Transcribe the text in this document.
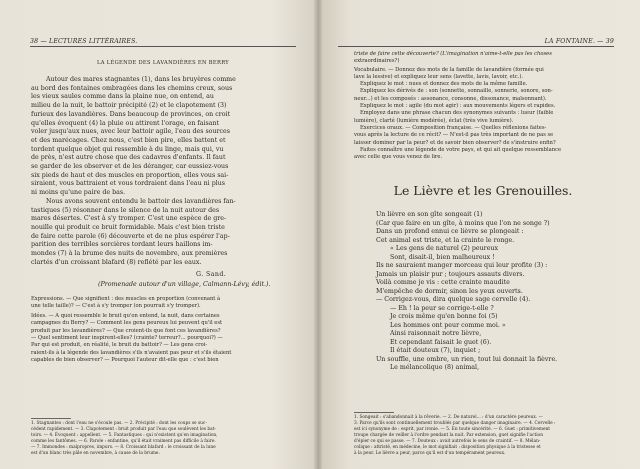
38 — LECTURES LITTÉRAIRES.
LA LÉGENDE DES LAVANDIÈRES EN BERRY
Autour des mares stagnantes (1), dans les bruyères comme
au bord des fontaines ombragées dans les chemins creux, sous
les vieux saules comme dans la plaine nue, on entend, au
milieu de la nuit, le battoir précipité (2) et le clapotement (3)
furieux des lavandières. Dans beaucoup de provinces, on croit
qu'elles évoquent (4) la pluie ou attirent l'orage, en faisant
voler jusqu'aux nues, avec leur battoir agile, l'eau des sources
et des marécages. Chez nous, c'est bien pire, elles battent et
tordent quelque objet qui ressemble à du linge, mais qui, vu
de près, n'est autre chose que des cadavres d'enfants. Il faut
se garder de les observer et de les déranger, car eussiez-vous
six pieds de haut et des muscles en proportion, elles vous sai-
siraient, vous battraient et vous tordraient dans l'eau ni plus
ni moins qu'une paire de bas.
Nous avons souvent entendu le battoir des lavandières fan-
tastiques (5) résonner dans le silence de la nuit autour des
mares désertes. C'est à s'y tromper. C'est une espèce de gre-
nouille qui produit ce bruit formidable. Mais c'est bien triste
de faire cette parole (6) découverte et de ne plus espérer l'ap-
parition des terribles sorcières tordant leurs haillons im-
mondes (7) à la brume des nuits de novembre, aux premières
clartés d'un croissant blafard (8) reflété par les eaux.
G. Sand.
(Promenade autour d'un village, Calmann-Lévy, édit.).
Expressions. — Que signifient : des muscles en proportion (convenant à
une telle taille)? — C'est à s'y tromper (on pourrait s'y tromper).
Idées. — A quoi ressemble le bruit qu'on entend, la nuit, dans certaines
campagnes du Berry? — Comment les gens peureux lui peuvent qu'il est
produit par les lavandières? — Que croient-ils que font ces lavandières?
— Quel sentiment leur inspirent-elles? (crainte? terreur?... pourquoi?) —
Par qui est produit, en réalité, le bruit du battoir? — Les gens croi-
raient-ils à la légende des lavandières s'ils n'avaient pas peur et s'ils étaient
capables de bien observer? — Pourquoi l'auteur dit-elle que : c'est bien
1. Stagnantes : dont l'eau ne s'écoule pas. — 2. Précipité : dont les coups se suc-
cèdent rapidement. — 3. Clapotement : bruit produit par l'eau que soulèvent les bat-
toirs. — 4. Évoquent : appellent. — 5. Fantastiques : qui n'existent qu'en imagination,
comme les fantômes. — 6. Parole : enfantine, qu'il était vraiment pas difficile à faire.
— 7. Immondes : malpropres, impurs. — 8. Croissant blafard : le croissant de la lune
est d'un blanc très pâle en novembre, à cause de la brume.
LA FONTAINE. — 39
triste de faire cette découverte? (L'imagination n'aime-t-elle pas les choses
extraordinaires?)
Vocabulaire. — Donnez des mots de la famille de lavandière (formée qui
lave la lessive) et expliquez leur sens (lavette, lavis, lavoir, etc.).
Expliquez le mot : nues et donnez des mots de la même famille.
Expliquez les dérivés de : son (sonnette, sonnaille, sonnerie, sonore, son-
neur...) et les composés : assonance, consonne, dissonance, malsonnant).
Expliquez le mot : agile (du mot agir) : aux mouvements légers et rapides.
Employez dans une phrase chacun des synonymes suivants : lueur (faible
lumière), clarté (lumière modérée), éclat (très vive lumière).
Exercices oraux. — Composition française. — Quelles réflexions faites-
vous après la lecture de ce récit? — N'est-il pas très important de ne pas se
laisser dominer par la peur? et de savoir bien observer? de s'instruire enfin?
Faites connaître une légende de votre pays, et qui ait quelque ressemblance
avec celle que vous venez de lire.
Le Lièvre et les Grenouilles.
Un lièvre en son gîte songeait (1)
(Car que faire en un gîte, à moins que l'on ne songe ?)
Dans un profond ennui ce lièvre se plongeait :
Cet animal est triste, et la crainte le ronge.
« Les gens de naturel (2) peureux
Sont, disait-il, bien malheureux !
Ils ne sauraient manger morceau qui leur profite (3) :
Jamais un plaisir pur ; toujours assauts divers.
Voilà comme je vis : cette crainte maudite
M'empêche de dormir, sinon les yeux ouverts.
— Corrigez-vous, dira quelque sage cervelle (4).
— Eh ! la peur se corrige-t-elle ?
Je crois même qu'en bonne foi (5)
Les hommes ont peur comme moi. »
Ainsi raisonnait notre lièvre,
Et cependant faisait le guet (6).
Il était douteux (7), inquiet ;
Un souffle, une ombre, un rien, tout lui donnait la fièvre.
Le mélancolique (8) animal,
1. Songeait : s'abandonnait à la rêverie. — 2. De naturel... : d'un caractère peureux. —
3. Parce qu'ils sont continuellement troublés par quelque danger imaginaire. — 4. Cervelle :
est ici synonyme de : esprit, par ironie. — 5. En toute sincérité. — 6. Guet : primitivement
troupe chargée de veiller à l'ordre pendant la nuit. Par extension, guet signifie l'action
d'épier ce qui se passe. — 7. Douteux : avait autrefois le sens de craintif. — 8. Mélan-
colique : attristé, en médecine, le mot signifiait : disposition physique à la tristesse et
à la peur. Le lièvre a peur, parce qu'il est d'un tempérament peureux.
